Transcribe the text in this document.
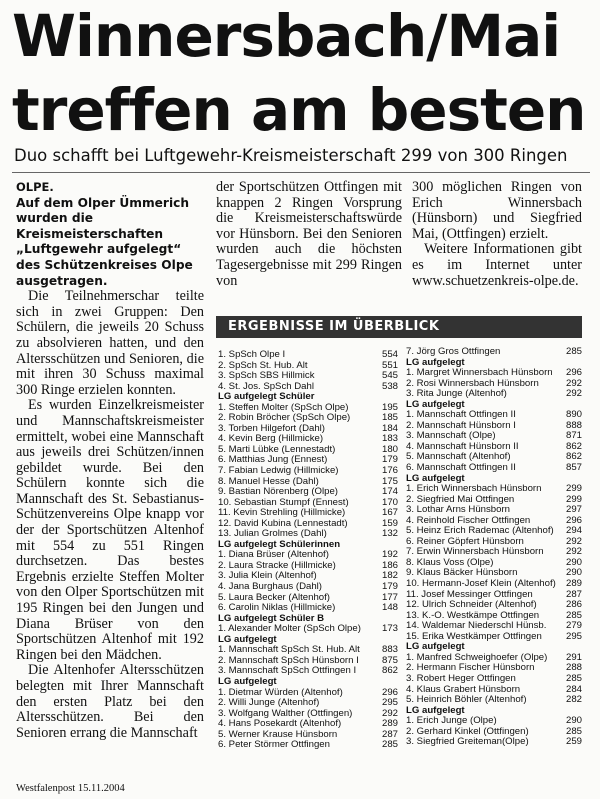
Winnersbach/Mai
treffen am besten
Duo schafft bei Luftgewehr-Kreismeisterschaft 299 von 300 Ringen

OLPE.
Auf dem Olper Ümmerich wurden die Kreismeisterschaften „Luftgewehr aufgelegt“ des Schützenkreises Olpe ausgetragen.

Die Teilnehmerschar teilte sich in zwei Gruppen: Den Schülern, die jeweils 20 Schuss zu absolvieren hatten, und den Altersschützen und Senioren, die mit ihren 30 Schuss maximal 300 Ringe erzielen konnten.

Es wurden Einzelkreismeister und Mannschaftskreismeister ermittelt, wobei eine Mannschaft aus jeweils drei Schützen/innen gebildet wurde. Bei den Schülern konnte sich die Mannschaft des St. Sebastianus-Schützenvereins Olpe knapp vor der der Sportschützen Altenhof mit 554 zu 551 Ringen durchsetzen. Das bestes Ergebnis erzielte Steffen Molter von den Olper Sportschützen mit 195 Ringen bei den Jungen und Diana Brüser von den Sportschützen Altenhof mit 192 Ringen bei den Mädchen.

Die Altenhofer Altersschützen belegten mit Ihrer Mannschaft den ersten Platz bei den Altersschützen. Bei den Senioren errang die Mannschaft

der Sportschützen Ottfingen mit knappen 2 Ringen Vorsprung die Kreismeisterschaftswürde vor Hünsborn. Bei den Senioren wurden auch die höchsten Tagesergebnisse mit 299 Ringen von

300 möglichen Ringen von Erich Winnersbach (Hünsborn) und Siegfried Mai, (Ottfingen) erzielt.

Weitere Informationen gibt es im Internet unter www.schuetzenkreis-olpe.de.

ERGEBNISSE IM ÜBERBLICK
1. SpSch Olpe I	554
2. SpSch St. Hub. Alt	551
3. SpSch SBS Hillmick	545
4. St. Jos. SpSch Dahl	538
LG aufgelegt Schüler
1. Steffen Molter (SpSch Olpe)	195
2. Robin Bröcher (SpSch Olpe)	185
3. Torben Hilgefort (Dahl)	184
4. Kevin Berg (Hillmicke)	183
5. Marti Lübke (Lennestadt)	180
6. Matthias Jung (Ennest)	179
7. Fabian Ledwig (Hillmicke)	176
8. Manuel Hesse (Dahl)	175
9. Bastian Nörenberg (Olpe)	174
10. Sebastian Stumpf (Ennest)	170
11. Kevin Strehling (Hillmicke)	167
12. David Kubina (Lennestadt)	159
13. Julian Grolmes (Dahl)	132
LG aufgelegt Schülerinnen
1. Diana Brüser (Altenhof)	192
2. Laura Stracke (Hillmicke)	186
3. Julia Klein (Altenhof)	182
4. Jana Burghaus (Dahl)	179
5. Laura Becker (Altenhof)	177
6. Carolin Niklas (Hillmicke)	148
LG aufgelegt Schüler B
1. Alexander Molter (SpSch Olpe)	173
LG aufgelegt
1. Mannschaft SpSch St. Hub. Alt	883
2. Mannschaft SpSch Hünsborn I	875
3. Mannschaft SpSch Ottfingen I	862
LG aufgelegt
1. Dietmar Würden (Altenhof)	296
2. Willi Junge (Altenhof)	295
3. Wolfgang Walther (Ottfingen)	292
4. Hans Posekardt (Altenhof)	289
5. Werner Krause Hünsborn	287
6. Peter Störmer Ottfingen	285
7. Jörg Gros Ottfingen	285
LG aufgelegt
1. Margret Winnersbach Hünsborn	296
2. Rosi Winnersbach Hünsborn	292
3. Rita Junge (Altenhof)	292
LG aufgelegt
1. Mannschaft Ottfingen II	890
2. Mannschaft Hünsborn I	888
3. Mannschaft (Olpe)	871
4. Mannschaft Hünsborn II	862
5. Mannschaft (Altenhof)	862
6. Mannschaft Ottfingen II	857
LG aufgelegt
1. Erich Winnersbach Hünsborn	299
2. Siegfried Mai Ottfingen	299
3. Lothar Arns Hünsborn	297
4. Reinhold Fischer Ottfingen	296
5. Heinz Erich Rademac (Altenhof)	294
6. Reiner Göpfert Hünsborn	292
7. Erwin Winnersbach Hünsborn	292
8. Klaus Voss (Olpe)	290
9. Klaus Bäcker Hünsborn	290
10. Hermann-Josef Klein (Altenhof)	289
11. Josef Messinger Ottfingen	287
12. Ulrich Schneider (Altenhof)	286
13. K.-O. Westkämpe Ottfingen	285
14. Waldemar Niederschl Hünsb.	279
15. Erika Westkämper Ottfingen	295
LG aufgelegt
1. Manfred Schweighoefer (Olpe)	291
2. Hermann Fischer Hünsborn	288
3. Robert Heger Ottfingen	285
4. Klaus Grabert Hünsborn	284
5. Heinrich Böhler (Altenhof)	282
LG aufgelegt
1. Erich Junge (Olpe)	290
2. Gerhard Kinkel (Ottfingen)	285
3. Siegfried Greiteman(Olpe)	259
Westfalenpost 15.11.2004
